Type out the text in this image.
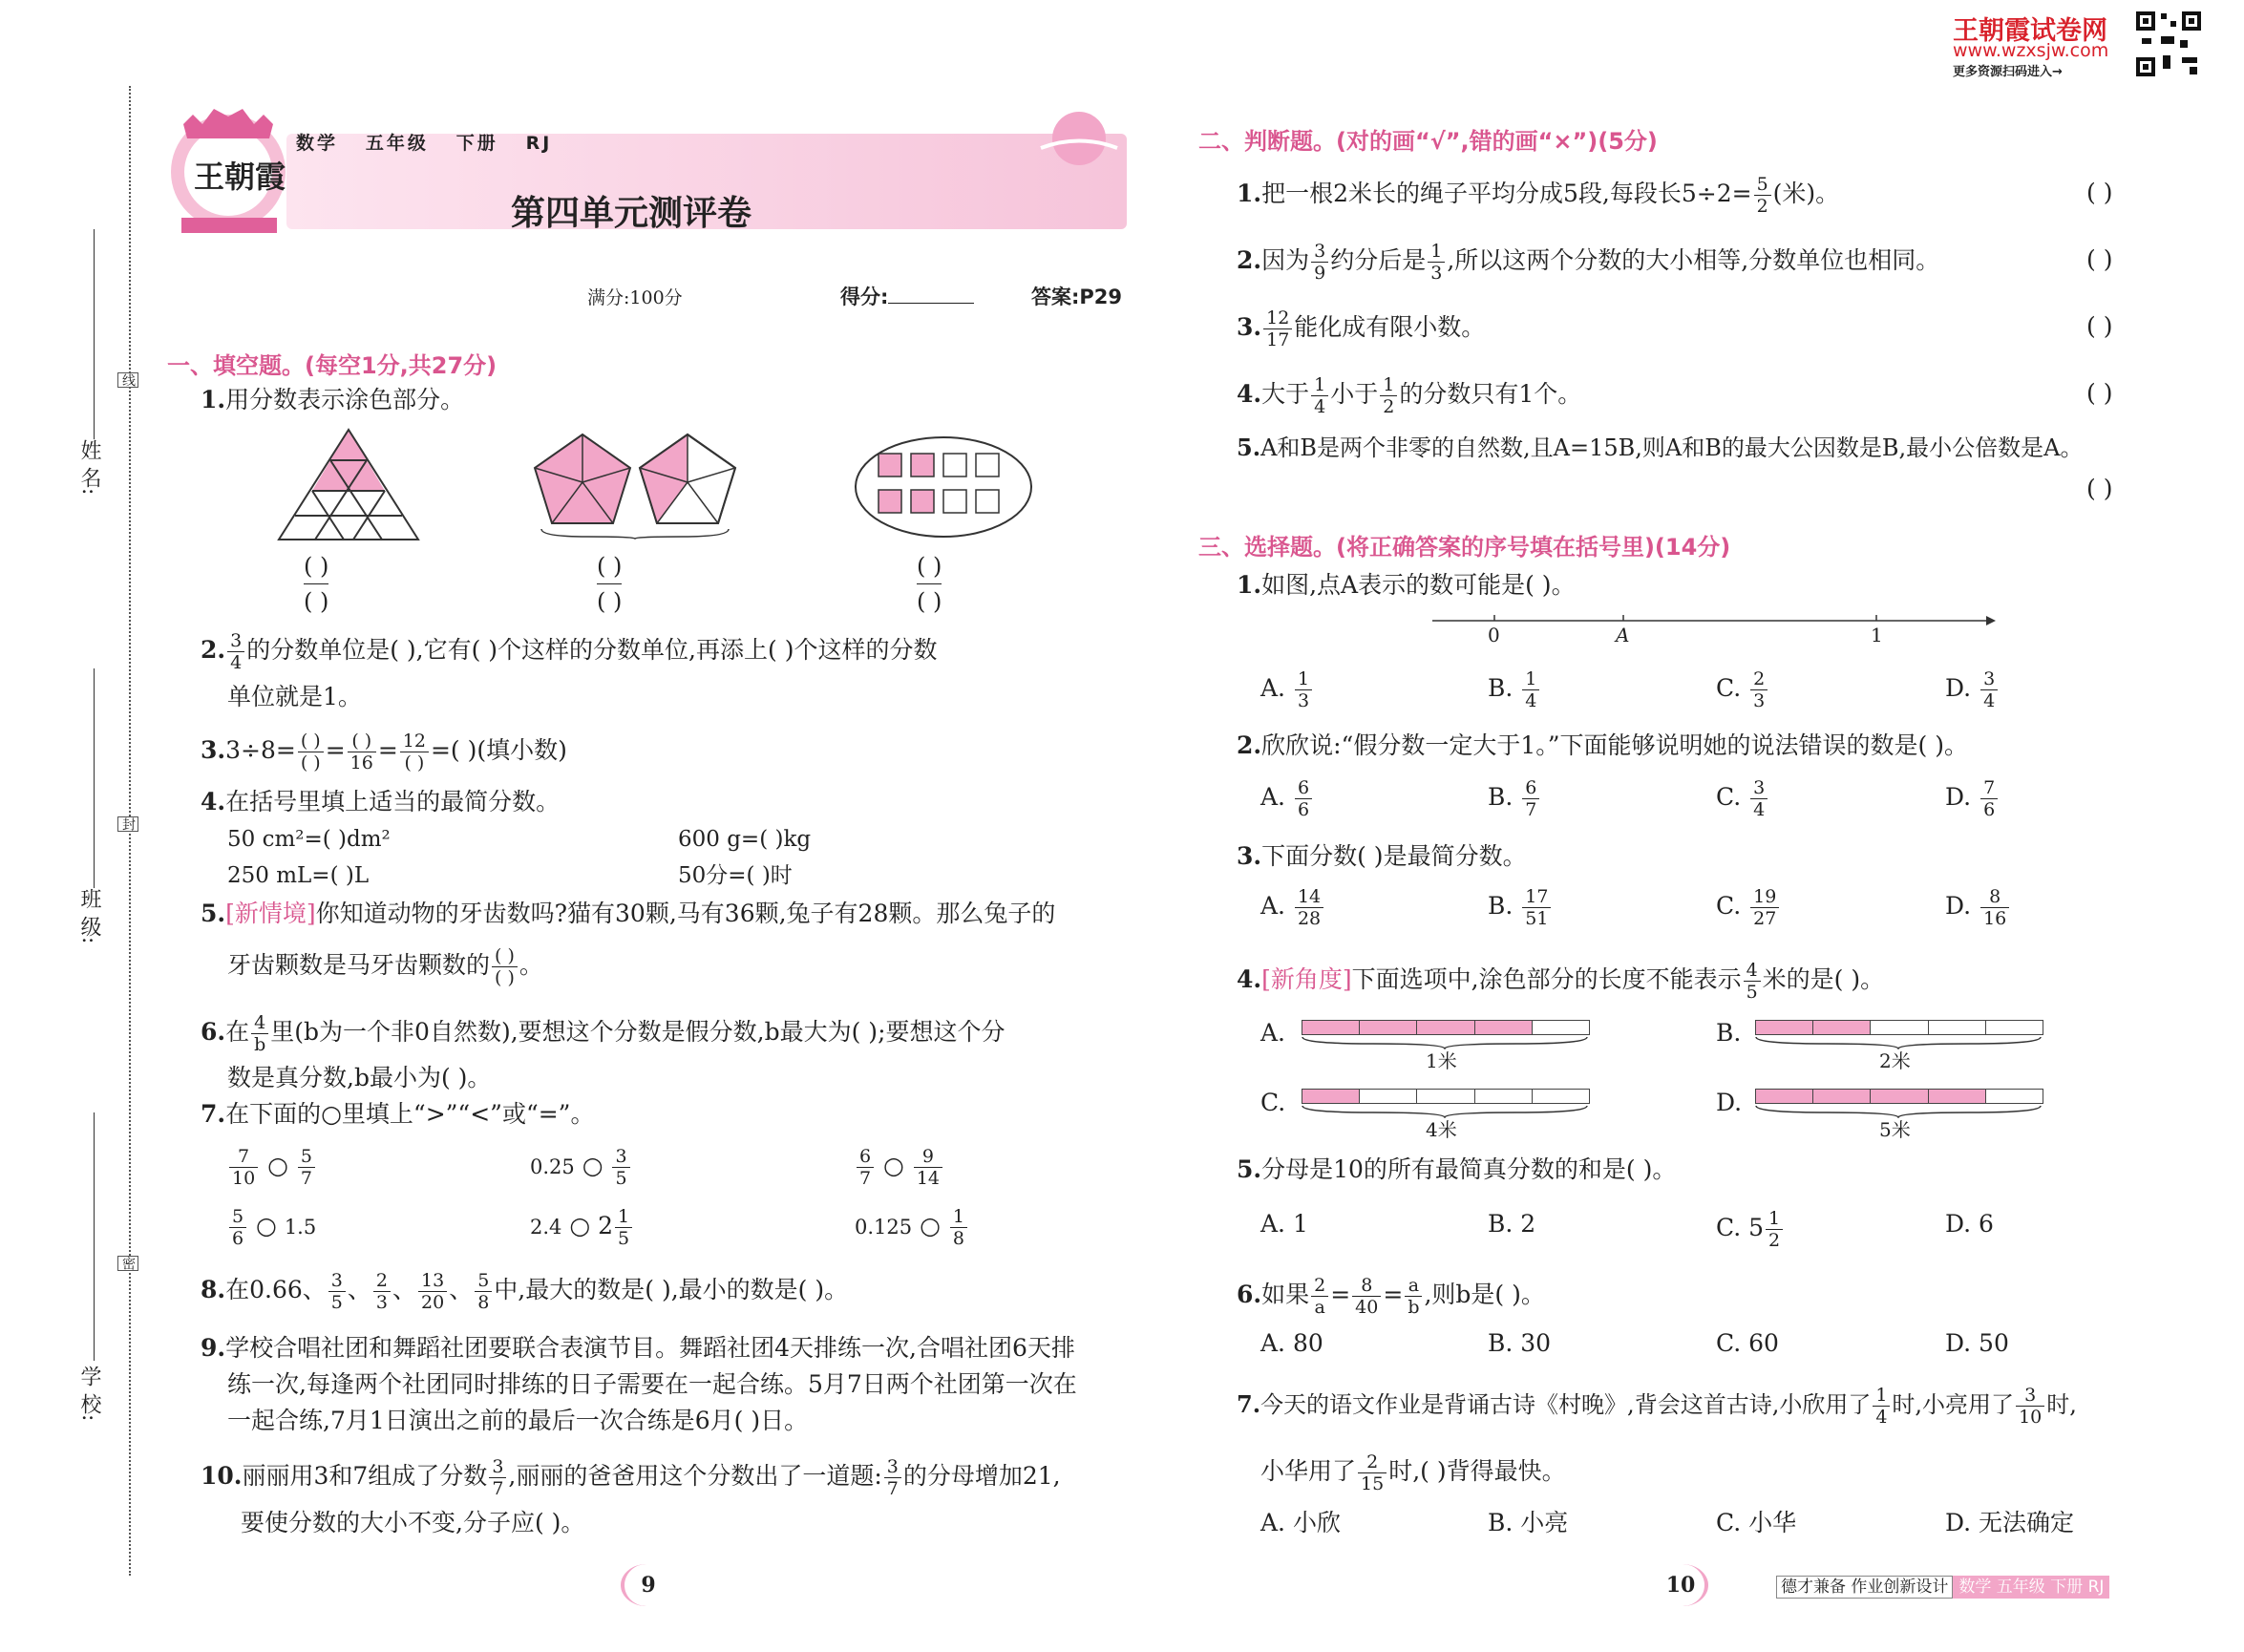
姓 名:
班 级:
学 校:
线
封
密
王朝霞
数学 五年级 下册 RJ
第四单元测评卷
满分:100分	得分:	答案:P29
王朝霞试卷网
www.wzxsjw.com
更多资源扫码进入→
一、填空题。(每空1分,共27分)
1.用分数表示涂色部分。
( )
( )
( )
( )
( )
( )
2. $\frac{3}{4}$ 的分数单位是( ),它有( )个这样的分数单位,再添上( )个这样的分数
单位就是1。
$3.3\div 8= \frac{( )}{( )} = \frac{( )}{16} = \frac{12}{( )}$ =( )(填小数)
4.在括号里填上适当的最简分数。
50 cm²=( )dm²	600 g=( )kg
250 mL=( )L	50分=( )时
5.[新情境]你知道动物的牙齿数吗?猫有30颗,马有36颗,兔子有28颗。那么兔子的
牙齿颗数是马牙齿颗数的 $\frac{( )}{( )}$ 。
6.在 $\frac{4}{b}$ 里(b为一个非0自然数),要想这个分数是假分数,b最大为( );要想这个分
数是真分数,b最小为( )。
7.在下面的○里填上“>”“<”或“=”。
$\frac{7}{10}$ ○ $\frac{5}{7}$	0.25 ○ $\frac{3}{5}$	$\frac{6}{7}$ ○ $\frac{9}{14}$
$\frac{5}{6}$ ○ 1.5	2.4 ○ $2 \frac{1}{5}$	0.125 ○ $\frac{1}{8}$
8.在0.66、 $\frac{3}{5}$ 、 $\frac{2}{3}$ 、 $\frac{13}{20}$ 、 $\frac{5}{8}$ 中,最大的数是( ),最小的数是( )。
9.学校合唱社团和舞蹈社团要联合表演节目。舞蹈社团4天排练一次,合唱社团6天排
练一次,每逢两个社团同时排练的日子需要在一起合练。5月7日两个社团第一次在
一起合练,7月1日演出之前的最后一次合练是6月( )日。
10.丽丽用3和7组成了分数 $\frac{3}{7}$ ,丽丽的爸爸用这个分数出了一道题: $\frac{3}{7}$ 的分母增加21,
要使分数的大小不变,分子应( )。
二、判断题。(对的画“√”,错的画“×”)(5分)
1.把一根2米长的绳子平均分成5段,每段长$5\div 2= \frac{5}{2}$ (米)。	( )
2.因为 $\frac{3}{9}$ 约分后是 $\frac{1}{3}$ ,所以这两个分数的大小相等,分数单位也相同。	( )
3. $\frac{12}{17}$ 能化成有限小数。	( )
4.大于 $\frac{1}{4}$ 小于 $\frac{1}{2}$ 的分数只有1个。	( )
5.A和B是两个非零的自然数,且A=15B,则A和B的最大公因数是B,最小公倍数是A。
( )
三、选择题。(将正确答案的序号填在括号里)(14分)
1.如图,点A表示的数可能是( )。
0	A	1
A. $\frac{1}{3}$	B. $\frac{1}{4}$	C. $\frac{2}{3}$	D. $\frac{3}{4}$
2.欣欣说:“假分数一定大于1。”下面能够说明她的说法错误的数是( )。
A. $\frac{6}{6}$	B. $\frac{6}{7}$	C. $\frac{3}{4}$	D. $\frac{7}{6}$
3.下面分数( )是最简分数。
A. $\frac{14}{28}$	B. $\frac{17}{51}$	C. $\frac{19}{27}$	D. $\frac{8}{16}$
4.[新角度]下面选项中,涂色部分的长度不能表示 $\frac{4}{5}$ 米的是( )。
A.
1米
B.
2米
C.
4米
D.
5米
5.分母是10的所有最简真分数的和是( )。
A. 1	B. 2	C. $5 \frac{1}{2}$	D. 6
6.如果 $\frac{2}{a} = \frac{8}{40} = \frac{a}{b}$ ,则b是( )。
A. 80	B. 30	C. 60	D. 50
7.今天的语文作业是背诵古诗《村晚》,背会这首古诗,小欣用了 $\frac{1}{4}$ 时,小亮用了 $\frac{3}{10}$ 时,
小华用了 $\frac{2}{15}$ 时,( )背得最快。
A. 小欣	B. 小亮	C. 小华	D. 无法确定
9	10	德才兼备 作业创新设计 数学 五年级 下册 RJ
